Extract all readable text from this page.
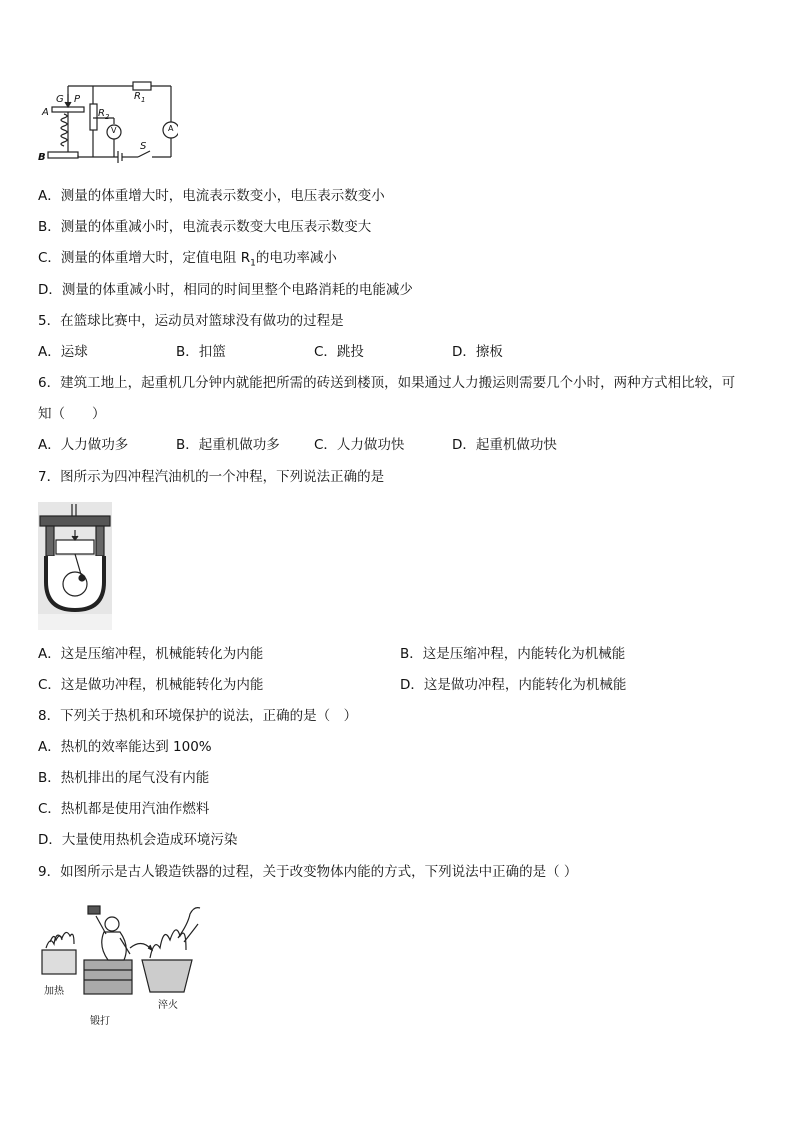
G P
A
B
$R_1$
$R_2$
V	A
S
A．测量的体重增大时，电流表示数变小，电压表示数变小
B．测量的体重减小时，电流表示数变大电压表示数变大
C．测量的体重增大时，定值电阻 $R_1$的电功率减小
D．测量的体重减小时，相同的时间里整个电路消耗的电能减少
5．在篮球比赛中，运动员对篮球没有做功的过程是
A．运球	B．扣篮	C．跳投	D．擦板
6．建筑工地上，起重机几分钟内就能把所需的砖送到楼顶，如果通过人力搬运则需要几个小时，两种方式相比较，可
知（　　）
A．人力做功多	B．起重机做功多	C．人力做功快	D．起重机做功快
7．图所示为四冲程汽油机的一个冲程，下列说法正确的是
A．这是压缩冲程，机械能转化为内能	B．这是压缩冲程，内能转化为机械能
C．这是做功冲程，机械能转化为内能	D．这是做功冲程，内能转化为机械能
8．下列关于热机和环境保护的说法，正确的是（　）
A．热机的效率能达到 100%
B．热机排出的尾气没有内能
C．热机都是使用汽油作燃料
D．大量使用热机会造成环境污染
9．如图所示是古人锻造铁器的过程，关于改变物体内能的方式，下列说法中正确的是（ ）
加热
锻打
淬火
